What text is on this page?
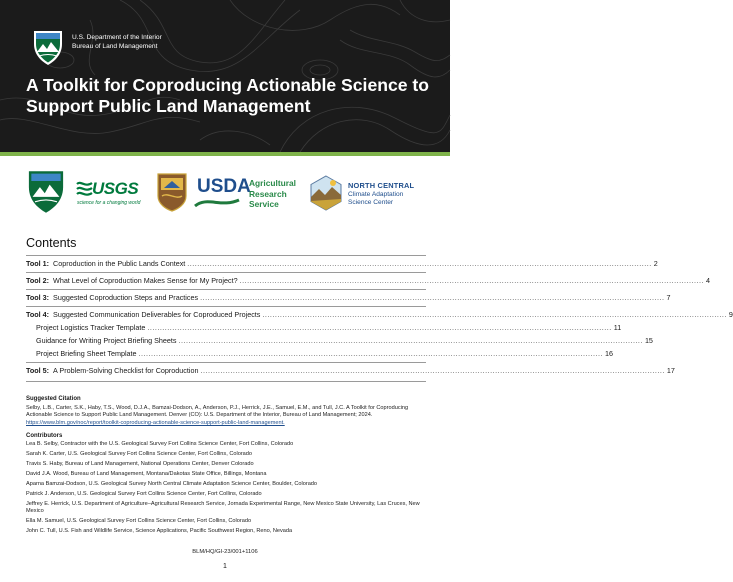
U.S. Department of the Interior
Bureau of Land Management
A Toolkit for Coproducing Actionable Science to Support Public Land Management
USGS
science for a changing world
USDA
Agricultural
Research
Service
NORTH CENTRAL
Climate Adaptation
Science Center
Contents
Tool 1: Coproduction in the Public Lands Context .......................................................................................................................................................................................... 2
Tool 2: What Level of Coproduction Makes Sense for My Project? .......................................................................................................................................................................................... 4
Tool 3: Suggested Coproduction Steps and Practices .......................................................................................................................................................................................... 7
Tool 4: Suggested Communication Deliverables for Coproduced Projects .......................................................................................................................................................................................... 9
Project Logistics Tracker Template .......................................................................................................................................................................................... 11
Guidance for Writing Project Briefing Sheets .......................................................................................................................................................................................... 15
Project Briefing Sheet Template .......................................................................................................................................................................................... 16
Tool 5: A Problem-Solving Checklist for Coproduction .......................................................................................................................................................................................... 17
Suggested Citation
Selby, L.B., Carter, S.K., Haby, T.S., Wood, D.J.A., Bamzai-Dodson, A., Anderson, P.J., Herrick, J.E., Samuel, E.M., and Tull, J.C. A Toolkit for Coproducing Actionable Science to Support Public Land Management. Denver (CO): U.S. Department of the Interior, Bureau of Land Management; 2024. https://www.blm.gov/noc/report/toolkit-coproducing-actionable-science-support-public-land-management.
Contributors
Lea B. Selby, Contractor with the U.S. Geological Survey Fort Collins Science Center, Fort Collins, Colorado
Sarah K. Carter, U.S. Geological Survey Fort Collins Science Center, Fort Collins, Colorado
Travis S. Haby, Bureau of Land Management, National Operations Center, Denver Colorado
David J.A. Wood, Bureau of Land Management, Montana/Dakotas State Office, Billings, Montana
Aparna Bamzai-Dodson, U.S. Geological Survey North Central Climate Adaptation Science Center, Boulder, Colorado
Patrick J. Anderson, U.S. Geological Survey Fort Collins Science Center, Fort Collins, Colorado
Jeffrey E. Herrick, U.S. Department of Agriculture–Agricultural Research Service, Jornada Experimental Range, New Mexico State University, Las Cruces, New Mexico
Ella M. Samuel, U.S. Geological Survey Fort Collins Science Center, Fort Collins, Colorado
John C. Tull, U.S. Fish and Wildlife Service, Science Applications, Pacific Southwest Region, Reno, Nevada
BLM/HQ/GI-23/001+1106
1
